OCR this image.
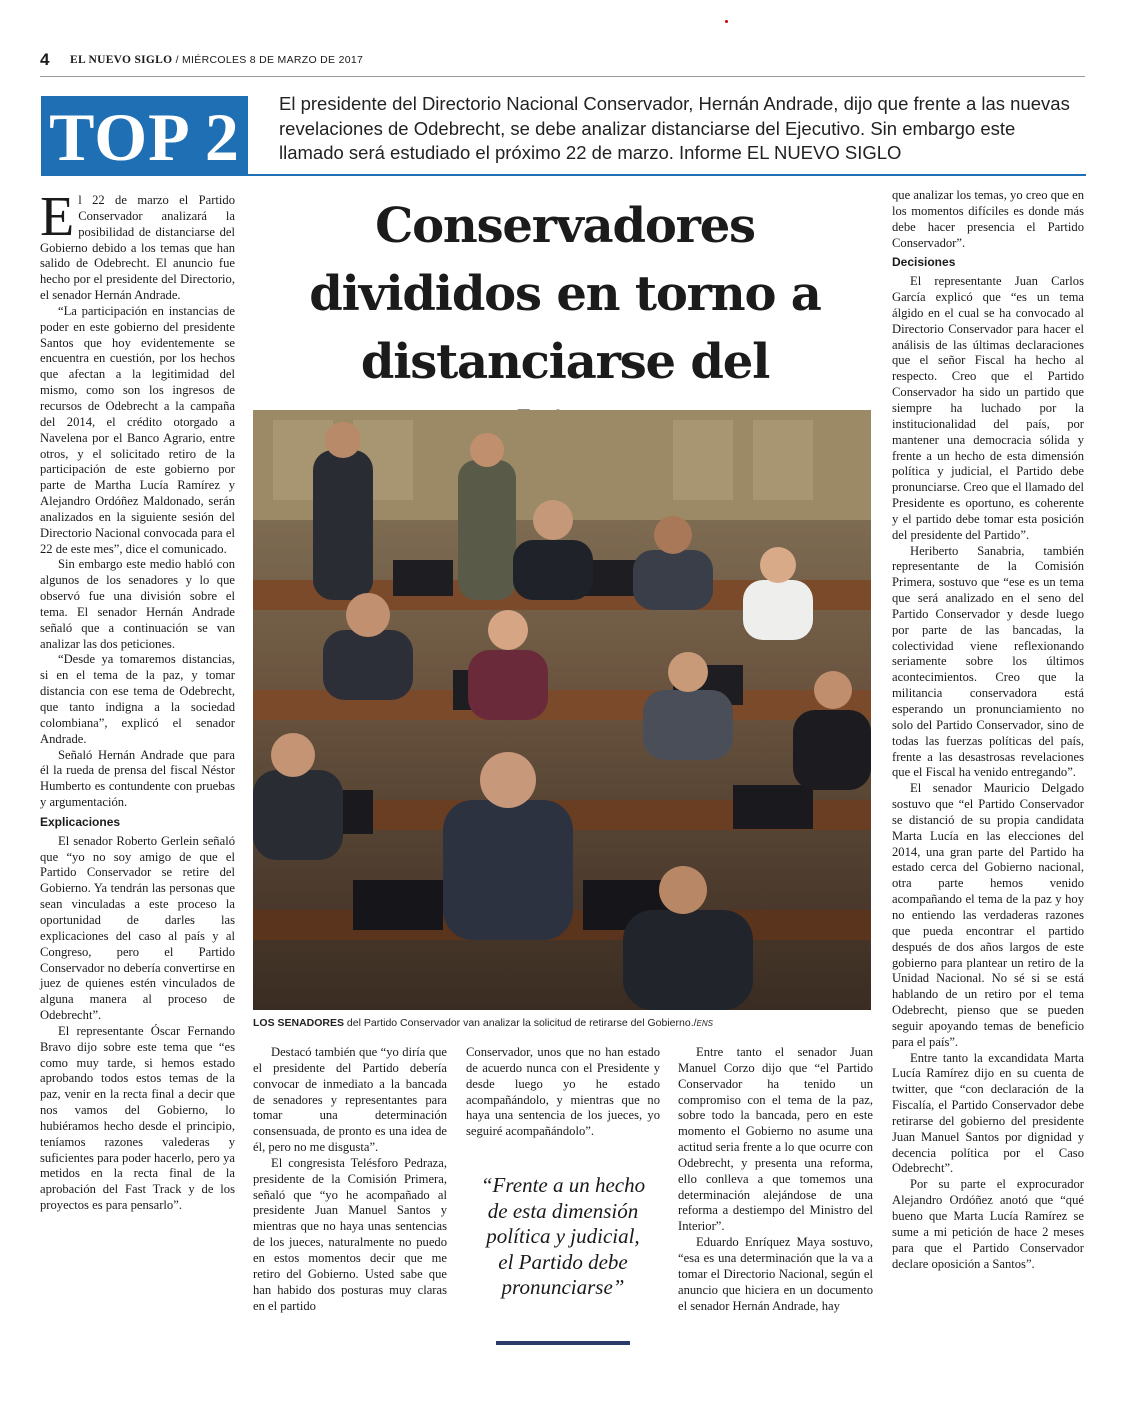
4 EL NUEVO SIGLO / MIÉRCOLES 8 DE MARZO DE 2017
TOP 2	El presidente del Directorio Nacional Conservador, Hernán Andrade, dijo que frente a las nuevas revelaciones de Odebrecht, se debe analizar distanciarse del Ejecutivo. Sin embargo este llamado será estudiado el próximo 22 de marzo. Informe EL NUEVO SIGLO
Conservadores
divididos en torno a
distanciarse del
LOS SENADORES del Partido Conservador van analizar la solicitud de retirarse del Gobierno./ENS

El 22 de marzo el Partido Conservador analizará la posibilidad de distanciarse del Gobierno debido a los temas que han salido de Odebrecht. El anuncio fue hecho por el presidente del Directorio, el senador Hernán Andrade.

“La participación en instancias de poder en este gobierno del presidente Santos que hoy evidentemente se encuentra en cuestión, por los hechos que afectan a la legitimidad del mismo, como son los ingresos de recursos de Odebrecht a la campaña del 2014, el crédito otorgado a Navelena por el Banco Agrario, entre otros, y el solicitado retiro de la participación de este gobierno por parte de Martha Lucía Ramírez y Alejandro Ordóñez Maldonado, serán analizados en la siguiente sesión del Directorio Nacional convocada para el 22 de este mes”, dice el comunicado.

Sin embargo este medio habló con algunos de los senadores y lo que observó fue una división sobre el tema. El senador Hernán Andrade señaló que a continuación se van analizar las dos peticiones.

“Desde ya tomaremos distancias, si en el tema de la paz, y tomar distancia con ese tema de Odebrecht, que tanto indigna a la sociedad colombiana”, explicó el senador Andrade.

Señaló Hernán Andrade que para él la rueda de prensa del fiscal Néstor Humberto es contundente con pruebas y argumentación.

Explicaciones

El senador Roberto Gerlein señaló que “yo no soy amigo de que el Partido Conservador se retire del Gobierno. Ya tendrán las personas que sean vinculadas a este proceso la oportunidad de darles las explicaciones del caso al país y al Congreso, pero el Partido Conservador no debería convertirse en juez de quienes estén vinculados de alguna manera al proceso de Odebrecht”.

El representante Óscar Fernando Bravo dijo sobre este tema que “es como muy tarde, si hemos estado aprobando todos estos temas de la paz, venir en la recta final a decir que nos vamos del Gobierno, lo hubiéramos hecho desde el principio, teníamos razones valederas y suficientes para poder hacerlo, pero ya metidos en la recta final de la aprobación del Fast Track y de los proyectos es para pensarlo”.

Destacó también que “yo diría que el presidente del Partido debería convocar de inmediato a la bancada de senadores y representantes para tomar una determinación consensuada, de pronto es una idea de él, pero no me disgusta”.

El congresista Telésforo Pedraza, presidente de la Comisión Primera, señaló que “yo he acompañado al presidente Juan Manuel Santos y mientras que no haya unas sentencias de los jueces, naturalmente no puedo en estos momentos decir que me retiro del Gobierno. Usted sabe que han habido dos posturas muy claras en el partido

Conservador, unos que no han estado de acuerdo nunca con el Presidente y desde luego yo he estado acompañándolo, y mientras que no haya una sentencia de los jueces, yo seguiré acompañándolo”.

“Frente a un hecho de esta dimensión política y judicial, el Partido debe pronunciarse”

Entre tanto el senador Juan Manuel Corzo dijo que “el Partido Conservador ha tenido un compromiso con el tema de la paz, sobre todo la bancada, pero en este momento el Gobierno no asume una actitud seria frente a lo que ocurre con Odebrecht, y presenta una reforma, ello conlleva a que tomemos una determinación alejándose de una reforma a destiempo del Ministro del Interior”.

Eduardo Enríquez Maya sostuvo, “esa es una determinación que la va a tomar el Directorio Nacional, según el anuncio que hiciera en un documento el senador Hernán Andrade, hay

que analizar los temas, yo creo que en los momentos difíciles es donde más debe hacer presencia el Partido Conservador”.

Decisiones

El representante Juan Carlos García explicó que “es un tema álgido en el cual se ha convocado al Directorio Conservador para hacer el análisis de las últimas declaraciones que el señor Fiscal ha hecho al respecto. Creo que el Partido Conservador ha sido un partido que siempre ha luchado por la institucionalidad del país, por mantener una democracia sólida y frente a un hecho de esta dimensión política y judicial, el Partido debe pronunciarse. Creo que el llamado del Presidente es oportuno, es coherente y el partido debe tomar esta posición del presidente del Partido”.

Heriberto Sanabria, también representante de la Comisión Primera, sostuvo que “ese es un tema que será analizado en el seno del Partido Conservador y desde luego por parte de las bancadas, la colectividad viene reflexionando seriamente sobre los últimos acontecimientos. Creo que la militancia conservadora está esperando un pronunciamiento no solo del Partido Conservador, sino de todas las fuerzas políticas del país, frente a las desastrosas revelaciones que el Fiscal ha venido entregando”.

El senador Mauricio Delgado sostuvo que “el Partido Conservador se distanció de su propia candidata Marta Lucía en las elecciones del 2014, una gran parte del Partido ha estado cerca del Gobierno nacional, otra parte hemos venido acompañando el tema de la paz y hoy no entiendo las verdaderas razones que pueda encontrar el partido después de dos años largos de este gobierno para plantear un retiro de la Unidad Nacional. No sé si se está hablando de un retiro por el tema Odebrecht, pienso que se pueden seguir apoyando temas de beneficio para el país”.

Entre tanto la excandidata Marta Lucía Ramírez dijo en su cuenta de twitter, que “con declaración de la Fiscalía, el Partido Conservador debe retirarse del gobierno del presidente Juan Manuel Santos por dignidad y decencia política por el Caso Odebrecht”.

Por su parte el exprocurador Alejandro Ordóñez anotó que “qué bueno que Marta Lucía Ramírez se sume a mi petición de hace 2 meses para que el Partido Conservador declare oposición a Santos”.
